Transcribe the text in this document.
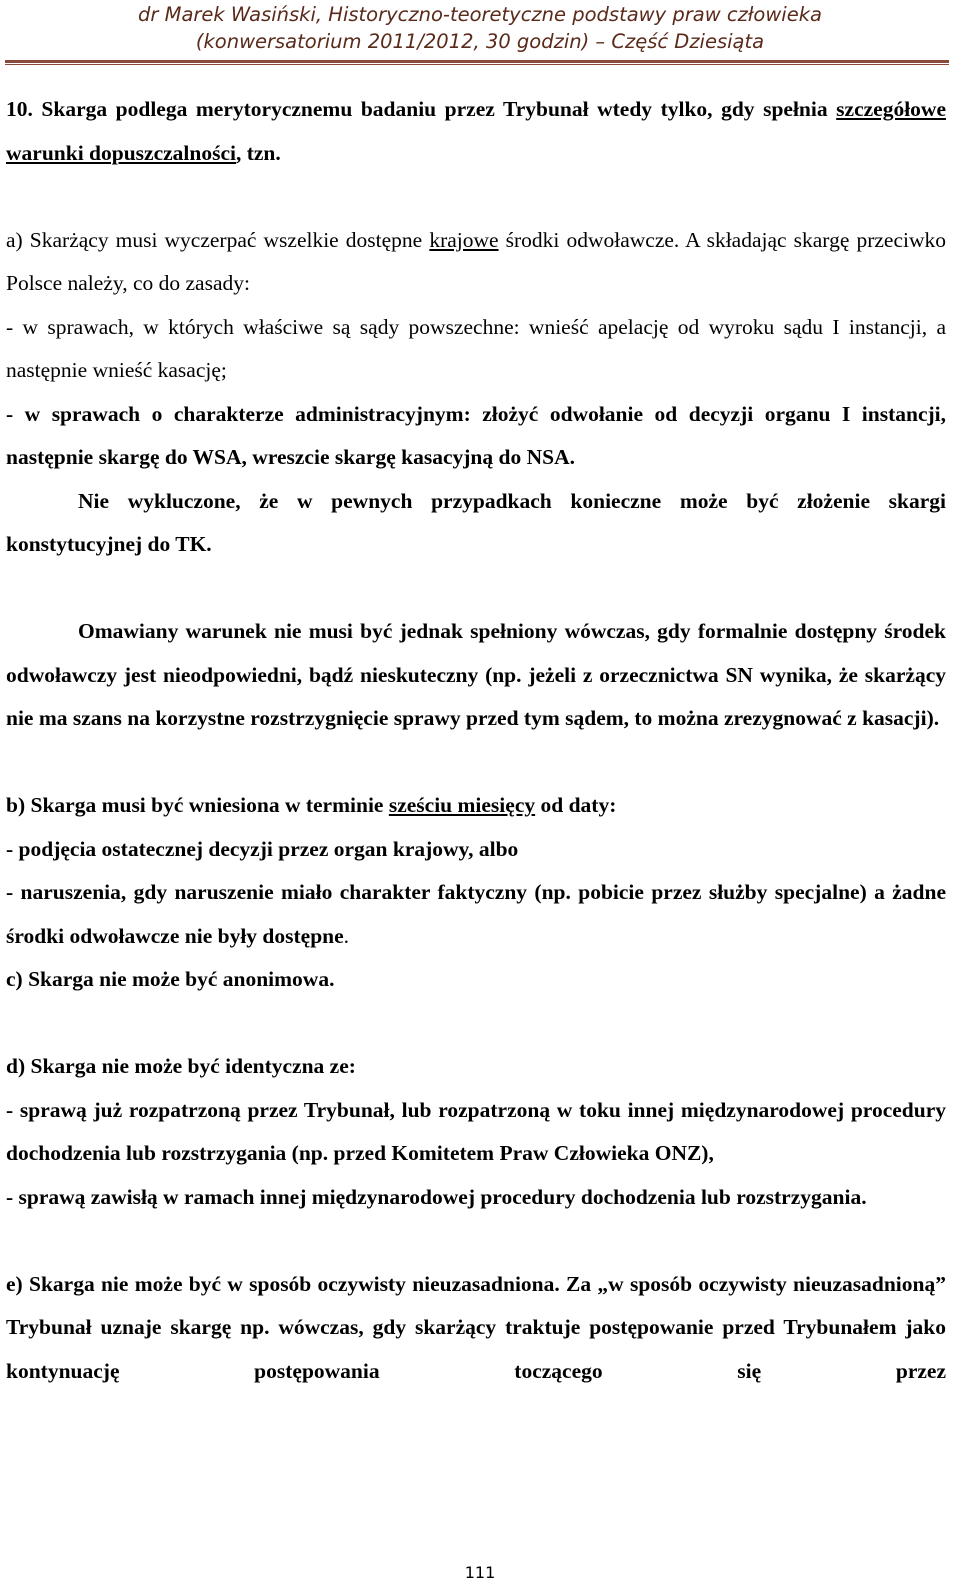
dr Marek Wasiński, Historyczno-teoretyczne podstawy praw człowieka
(konwersatorium 2011/2012, 30 godzin) – Część Dziesiąta

10. Skarga podlega merytorycznemu badaniu przez Trybunał wtedy tylko, gdy spełnia szczegółowe warunki dopuszczalności, tzn.

a) Skarżący musi wyczerpać wszelkie dostępne krajowe środki odwoławcze. A składając skargę przeciwko Polsce należy, co do zasady:

- w sprawach, w których właściwe są sądy powszechne: wnieść apelację od wyroku sądu I instancji, a następnie wnieść kasację;

- w sprawach o charakterze administracyjnym: złożyć odwołanie od decyzji organu I instancji, następnie skargę do WSA, wreszcie skargę kasacyjną do NSA.

Nie wykluczone, że w pewnych przypadkach konieczne może być złożenie skargi konstytucyjnej do TK.

Omawiany warunek nie musi być jednak spełniony wówczas, gdy formalnie dostępny środek odwoławczy jest nieodpowiedni, bądź nieskuteczny (np. jeżeli z orzecznictwa SN wynika, że skarżący nie ma szans na korzystne rozstrzygnięcie sprawy przed tym sądem, to można zrezygnować z kasacji).

b) Skarga musi być wniesiona w terminie sześciu miesięcy od daty:

- podjęcia ostatecznej decyzji przez organ krajowy, albo

- naruszenia, gdy naruszenie miało charakter faktyczny (np. pobicie przez służby specjalne) a żadne środki odwoławcze nie były dostępne.

c) Skarga nie może być anonimowa.

d) Skarga nie może być identyczna ze:

- sprawą już rozpatrzoną przez Trybunał, lub rozpatrzoną w toku innej międzynarodowej procedury dochodzenia lub rozstrzygania (np. przed Komitetem Praw Człowieka ONZ),

- sprawą zawisłą w ramach innej międzynarodowej procedury dochodzenia lub rozstrzygania.

e) Skarga nie może być w sposób oczywisty nieuzasadniona. Za „w sposób oczywisty nieuzasadnioną” Trybunał uznaje skargę np. wówczas, gdy skarżący traktuje postępowanie przed Trybunałem jako kontynuację postępowania toczącego się przez

111
